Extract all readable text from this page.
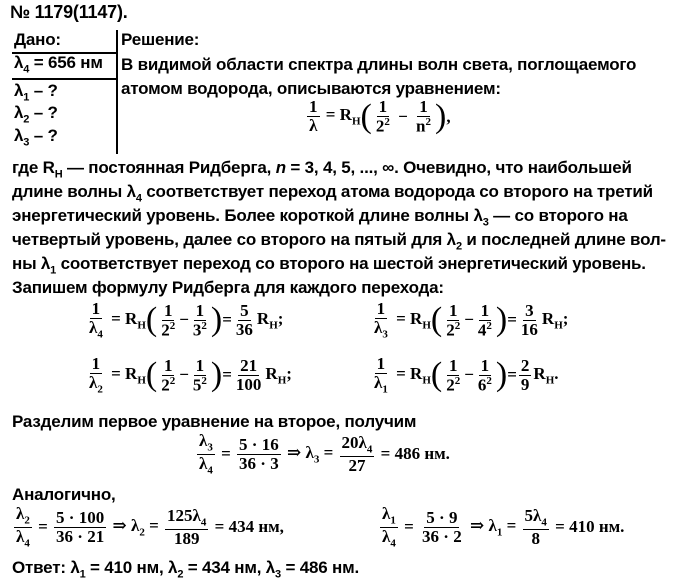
№ 1179(1147).
Дано:
$\lambda_4 = 656$ нм
$\lambda_1$ – ?
$\lambda_2$ – ?
$\lambda_3$ – ?
Решение:
В видимой области спектра длины волн света, поглощаемого
атомом водорода, описываются уравнением:
$\frac{1}{\lambda} = R_H$ ( $\frac{1}{2^2} - \frac{1}{n^2}$ ) ,
где $R_H$ — постоянная Ридберга, n = 3, 4, 5, ..., ∞. Очевидно, что наибольшей
длине волны $\lambda_4$ соответствует переход атома водорода со второго на третий
энергетический уровень. Более короткой длине волны $\lambda_3$ — со второго на
четвертый уровень, далее со второго на пятый для $\lambda_2$ и последней длине вол-
ны $\lambda_1$ соответствует переход со второго на шестой энергетический уровень.
Запишем формулу Ридберга для каждого перехода:
$\frac{1}{\lambda_4} = R_H$ ( $\frac{1}{2^2} - \frac{1}{3^2}$ ) = $\frac{5}{36} R_H$;	$\frac{1}{\lambda_3} = R_H$ ( $\frac{1}{2^2} - \frac{1}{4^2}$ ) = $\frac{3}{16} R_H$;
$\frac{1}{\lambda_2} = R_H$ ( $\frac{1}{2^2} - \frac{1}{5^2}$ ) = $\frac{21}{100} R_H$;	$\frac{1}{\lambda_1} = R_H$ ( $\frac{1}{2^2} - \frac{1}{6^2}$ ) = $\frac{2}{9} R_H$.
Разделим первое уравнение на второе, получим
$\frac{\lambda_3}{\lambda_4} = \frac{5 \cdot 16}{36 \cdot 3}$ ⇒ $\lambda_3 = \frac{20\lambda_4}{27} = 486$ нм.
Аналогично,
$\frac{\lambda_2}{\lambda_4} = \frac{5 \cdot 100}{36 \cdot 21}$ ⇒ $\lambda_2 = \frac{125\lambda_4}{189} = 434$ нм,	$\frac{\lambda_1}{\lambda_4} = \frac{5 \cdot 9}{36 \cdot 2}$ ⇒ $\lambda_1 = \frac{5\lambda_4}{8} = 410$ нм.
Ответ: $\lambda_1 = 410$ нм, $\lambda_2 = 434$ нм, $\lambda_3 = 486$ нм.
